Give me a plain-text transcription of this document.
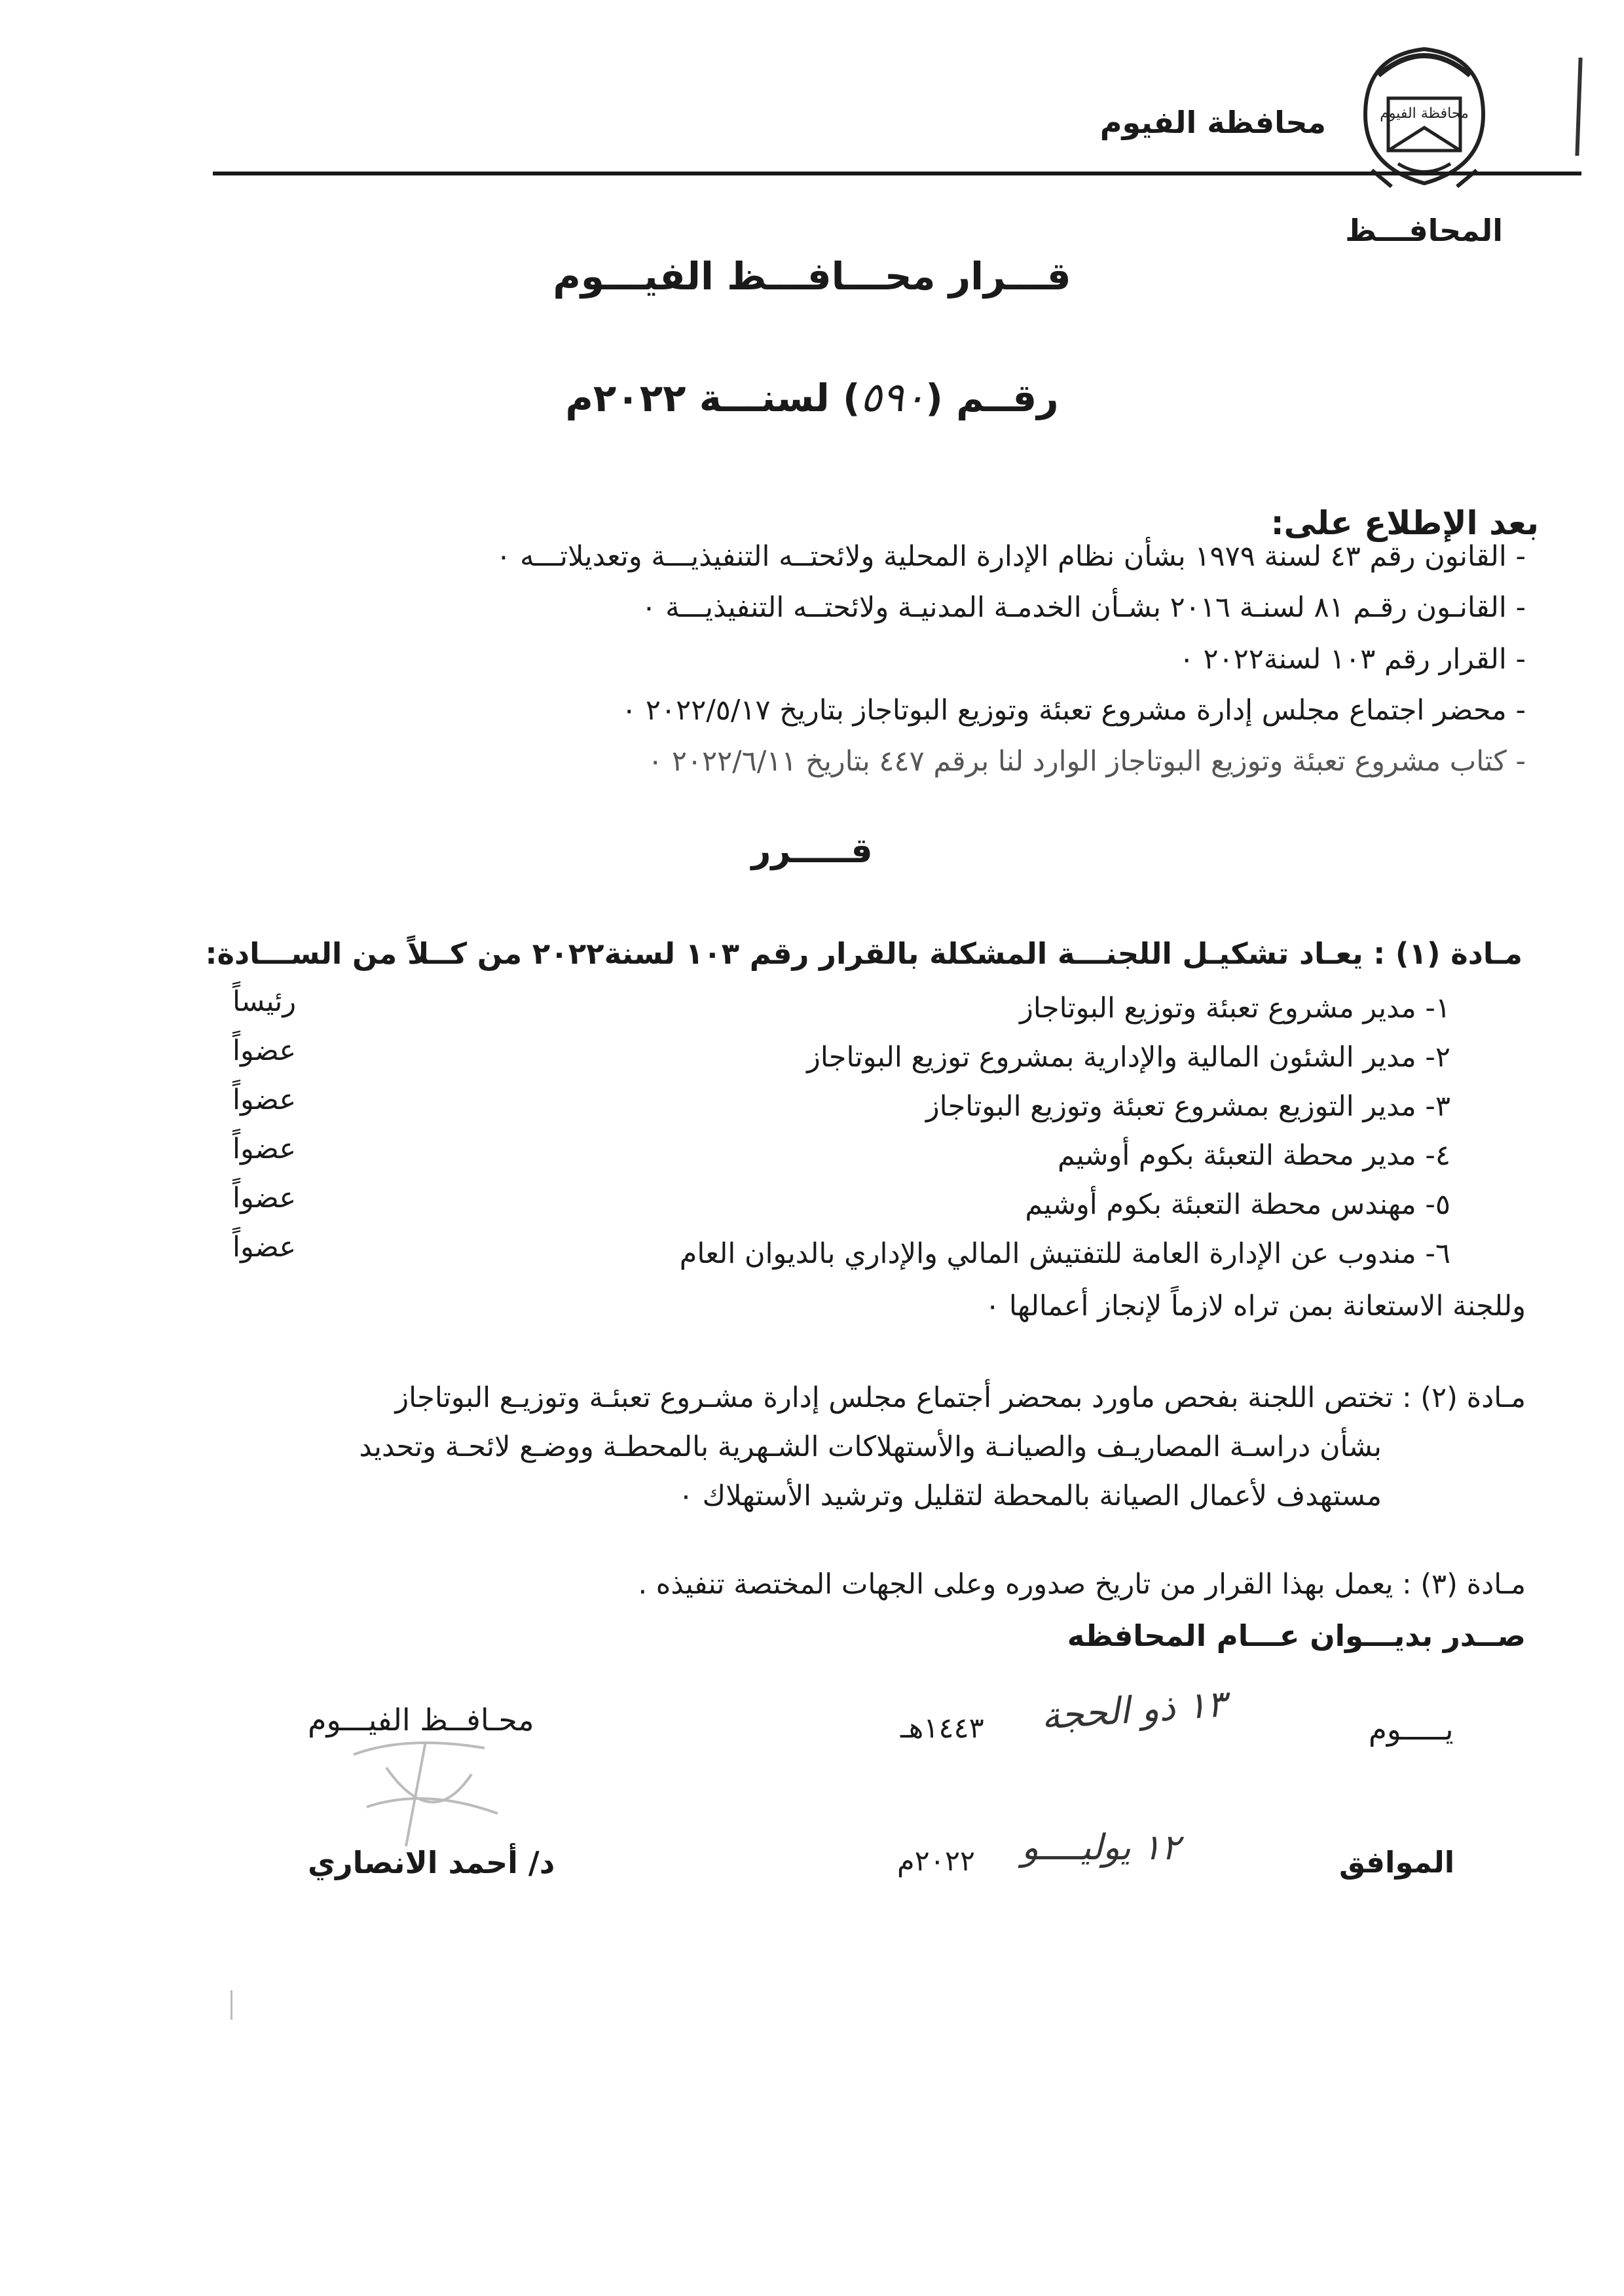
محافظة الفيوم
محافظة الفيوم
المحافـــظ
قـــرار محـــافـــظ الفيـــوم
رقــم (٥٩٠) لسنـــة ٢٠٢٢م
بعد الإطلاع على:
- القانون رقم ٤٣ لسنة ١٩٧٩ بشأن نظام الإدارة المحلية ولائحتــه التنفيذيـــة وتعديلاتـــه ٠
- القانـون رقـم ٨١ لسنـة ٢٠١٦ بشـأن الخدمـة المدنيـة ولائحتــه التنفيذيـــة ٠
- القرار رقم ١٠٣ لسنة٢٠٢٢ ٠
- محضر اجتماع مجلس إدارة مشروع تعبئة وتوزيع البوتاجاز بتاريخ ٢٠٢٢/٥/١٧ ٠
- كتاب مشروع تعبئة وتوزيع البوتاجاز الوارد لنا برقم ٤٤٧ بتاريخ ٢٠٢٢/٦/١١ ٠
قـــــرر
مـادة (١) : يعـاد تشكيـل اللجنـــة المشكلة بالقرار رقم ١٠٣ لسنة٢٠٢٢ من كــلاً من الســـادة:
١- مدير مشروع تعبئة وتوزيع البوتاجاز
رئيساً
٢- مدير الشئون المالية والإدارية بمشروع توزيع البوتاجاز
عضواً
٣- مدير التوزيع بمشروع تعبئة وتوزيع البوتاجاز
عضواً
٤- مدير محطة التعبئة بكوم أوشيم
عضواً
٥- مهندس محطة التعبئة بكوم أوشيم
عضواً
٦- مندوب عن الإدارة العامة للتفتيش المالي والإداري بالديوان العام
عضواً
وللجنة الاستعانة بمن تراه لازماً لإنجاز أعمالها ٠
مـادة (٢) : تختص اللجنة بفحص ماورد بمحضر أجتماع مجلس إدارة مشـروع تعبئـة وتوزيـع البوتاجاز
بشأن دراسـة المصاريـف والصيانـة والأستهلاكات الشـهرية بالمحطـة ووضـع لائحـة وتحديد
مستهدف لأعمال الصيانة بالمحطة لتقليل وترشيد الأستهلاك ٠
مـادة (٣) : يعمل بهذا القرار من تاريخ صدوره وعلى الجهات المختصة تنفيذه .
صــدر بديـــوان عـــام المحافظه
يـــــوم
١٣ ذو الحجة
١٤٤٣هـ
محـافــظ الفيـــوم
د/ أحمد الانصاري	الموافق
١٢ يوليــــو
٢٠٢٢م
